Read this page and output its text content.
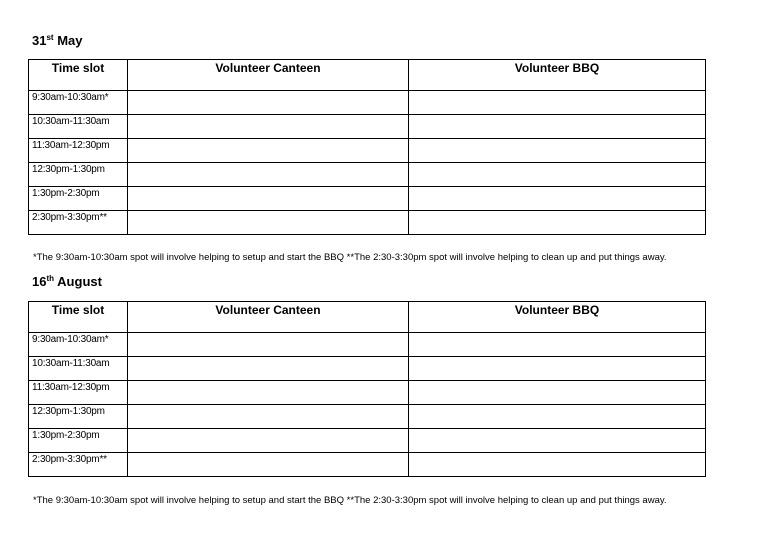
31st May
Time slot	Volunteer Canteen	Volunteer BBQ
9:30am-10:30am*		
10:30am-11:30am		
11:30am-12:30pm		
12:30pm-1:30pm		
1:30pm-2:30pm		
2:30pm-3:30pm**		
*The 9:30am-10:30am spot will involve helping to setup and start the BBQ **The 2:30-3:30pm spot will involve helping to clean up and put things away.
16th August
Time slot	Volunteer Canteen	Volunteer BBQ
9:30am-10:30am*		
10:30am-11:30am		
11:30am-12:30pm		
12:30pm-1:30pm		
1:30pm-2:30pm		
2:30pm-3:30pm**		
*The 9:30am-10:30am spot will involve helping to setup and start the BBQ **The 2:30-3:30pm spot will involve helping to clean up and put things away.
